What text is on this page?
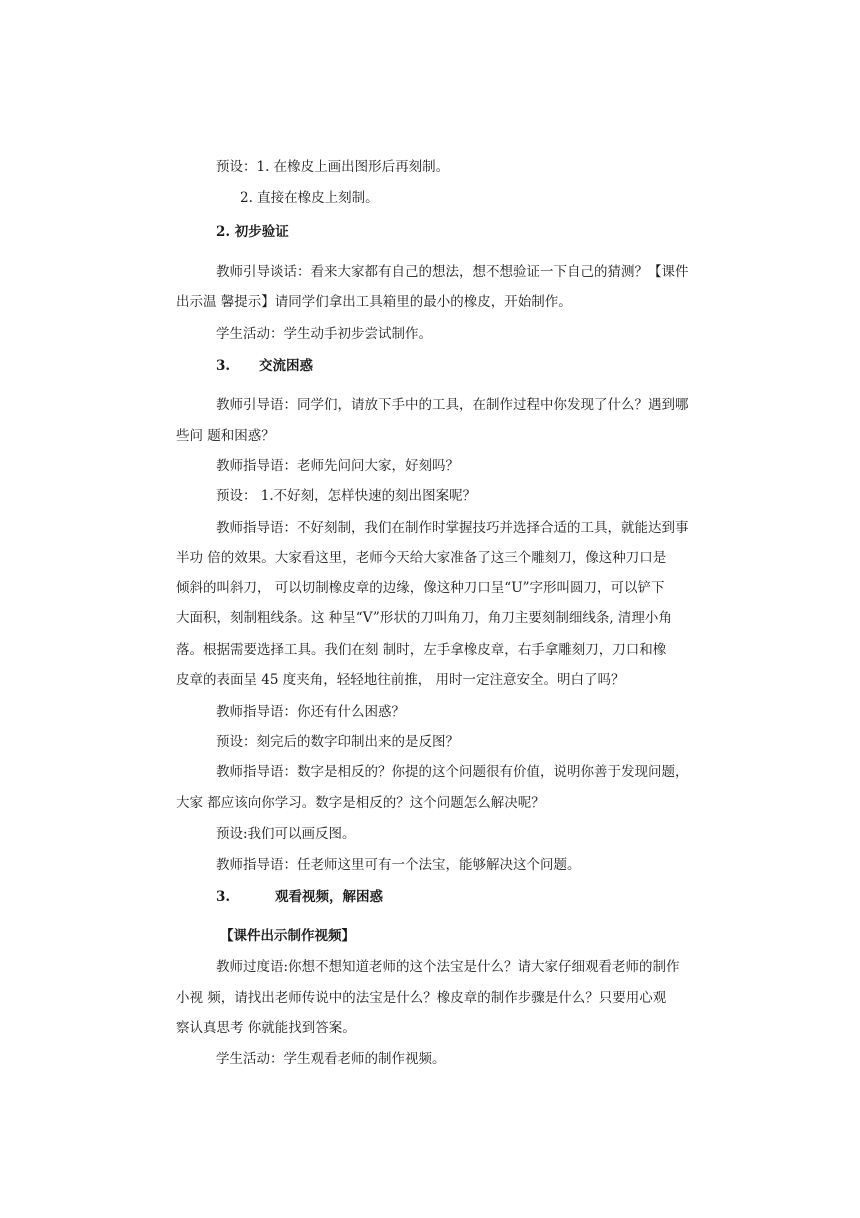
预设：1. 在橡皮上画出图形后再刻制。
2. 直接在橡皮上刻制。
2. 初步验证
教师引导谈话：看来大家都有自己的想法，想不想验证一下自己的猜测？【课件
出示温 馨提示】请同学们拿出工具箱里的最小的橡皮，开始制作。
学生活动：学生动手初步尝试制作。
3. 交流困惑
教师引导语：同学们，请放下手中的工具，在制作过程中你发现了什么？遇到哪
些问 题和困惑？
教师指导语：老师先问问大家，好刻吗？
预设： 1.不好刻，怎样快速的刻出图案呢？
教师指导语：不好刻制，我们在制作时掌握技巧并选择合适的工具，就能达到事
半功 倍的效果。大家看这里，老师今天给大家准备了这三个雕刻刀，像这种刀口是
倾斜的叫斜刀， 可以切制橡皮章的边缘，像这种刀口呈“U”字形叫圆刀，可以铲下
大面积，刻制粗线条。这 种呈“V”形状的刀叫角刀，角刀主要刻制细线条, 清理小角
落。根据需要选择工具。我们在刻 制时，左手拿橡皮章，右手拿雕刻刀，刀口和橡
皮章的表面呈 45 度夹角，轻轻地往前推， 用时一定注意安全。明白了吗？
教师指导语：你还有什么困惑？
预设：刻完后的数字印制出来的是反图？
教师指导语：数字是相反的？你提的这个问题很有价值，说明你善于发现问题，
大家 都应该向你学习。数字是相反的？这个问题怎么解决呢？
预设:我们可以画反图。
教师指导语：任老师这里可有一个法宝，能够解决这个问题。
3.	观看视频，解困惑
【课件出示制作视频】
教师过度语:你想不想知道老师的这个法宝是什么？请大家仔细观看老师的制作
小视 频，请找出老师传说中的法宝是什么？橡皮章的制作步骤是什么？只要用心观
察认真思考 你就能找到答案。
学生活动：学生观看老师的制作视频。
